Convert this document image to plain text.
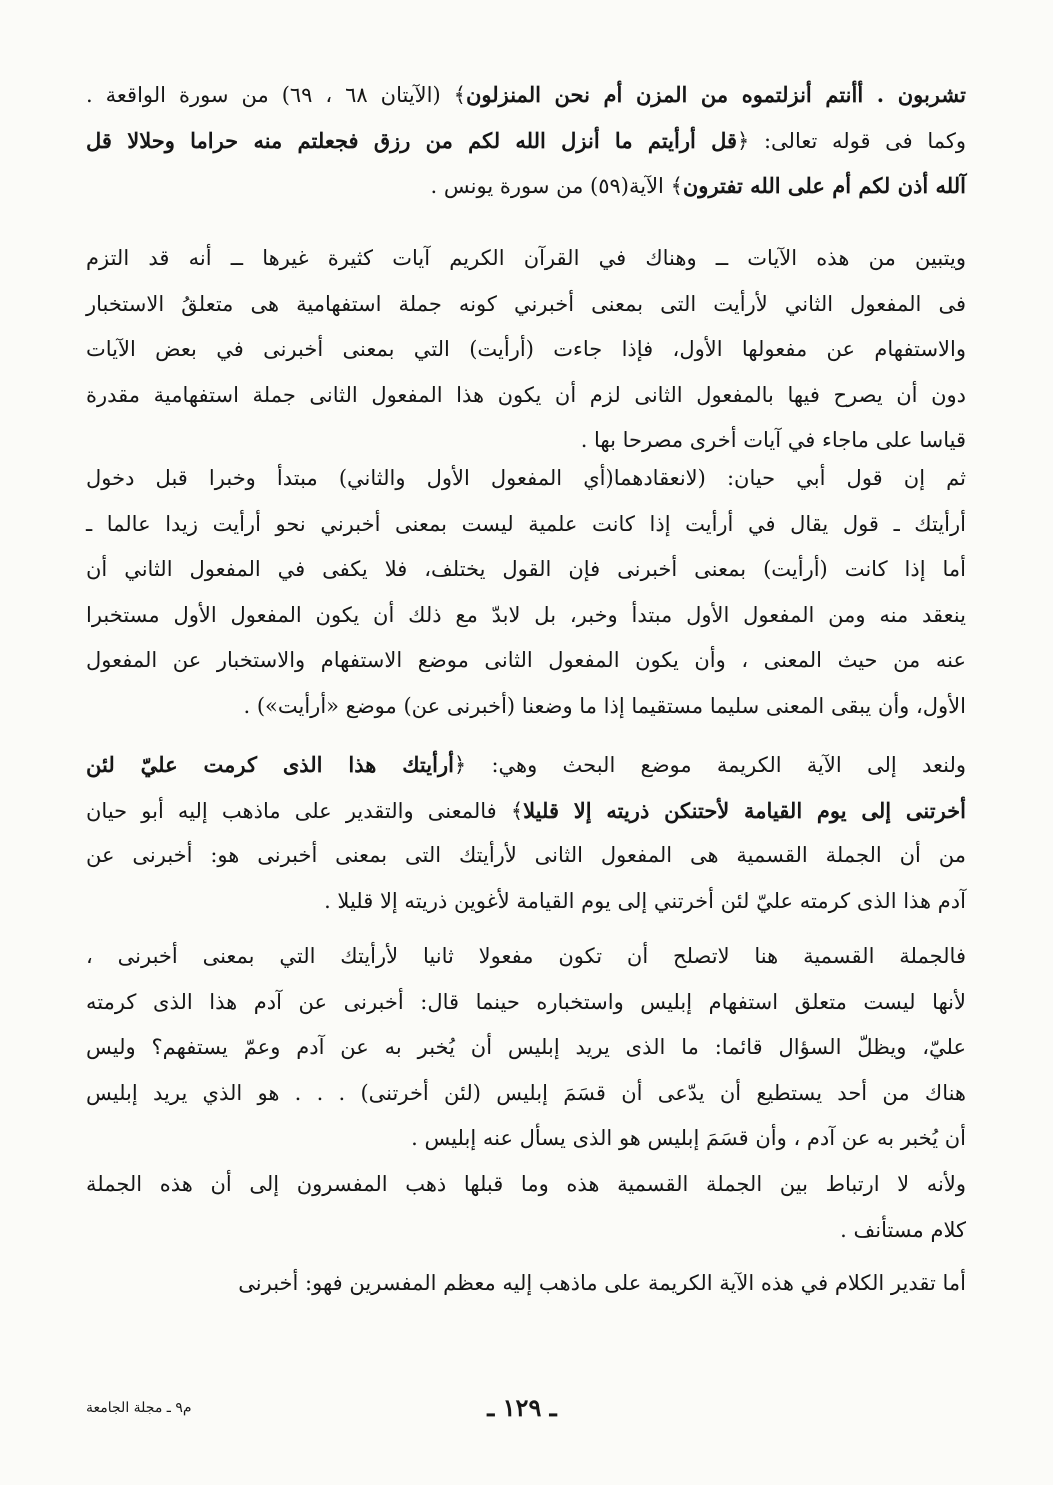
تشربون . أأنتم أنزلتموه من المزن أم نحن المنزلون﴾ (الآيتان ٦٨ ، ٦٩) من سورة الواقعة .
وكما فى قوله تعالى: ﴿قل أرأيتم ما أنزل الله لكم من رزق فجعلتم منه حراما وحلالا قل
آلله أذن لكم أم على الله تفترون﴾ الآية(٥٩) من سورة يونس .
ويتبين من هذه الآيات ــ وهناك في القرآن الكريم آيات كثيرة غيرها ــ أنه قد التزم
فى المفعول الثاني لأرأيت التى بمعنى أخبرني كونه جملة استفهامية هى متعلقُ الاستخبار
والاستفهام عن مفعولها الأول، فإذا جاءت (أرأيت) التي بمعنى أخبرنى في بعض الآيات
دون أن يصرح فيها بالمفعول الثانى لزم أن يكون هذا المفعول الثانى جملة استفهامية مقدرة
قياسا على ماجاء في آيات أخرى مصرحا بها .
ثم إن قول أبي حيان: (لانعقادهما(أي المفعول الأول والثاني) مبتدأ وخبرا قبل دخول
أرأيتك ـ قول يقال في أرأيت إذا كانت علمية ليست بمعنى أخبرني نحو أرأيت زيدا عالما ـ
أما إذا كانت (أرأيت) بمعنى أخبرنى فإن القول يختلف، فلا يكفى في المفعول الثاني أن
ينعقد منه ومن المفعول الأول مبتدأ وخبر، بل لابدّ مع ذلك أن يكون المفعول الأول مستخبرا
عنه من حيث المعنى ، وأن يكون المفعول الثانى موضع الاستفهام والاستخبار عن المفعول
الأول، وأن يبقى المعنى سليما مستقيما إذا ما وضعنا (أخبرنى عن) موضع «أرأيت») .
ولنعد إلى الآية الكريمة موضع البحث وهي: ﴿أرأيتك هذا الذى كرمت عليّ لئن
أخرتنى إلى يوم القيامة لأحتنكن ذريته إلا قليلا﴾ فالمعنى والتقدير على ماذهب إليه أبو حيان
من أن الجملة القسمية هى المفعول الثانى لأرأيتك التى بمعنى أخبرنى هو: أخبرنى عن
آدم هذا الذى كرمته عليّ لئن أخرتني إلى يوم القيامة لأغوين ذريته إلا قليلا .
فالجملة القسمية هنا لاتصلح أن تكون مفعولا ثانيا لأرأيتك التي بمعنى أخبرنى ،
لأنها ليست متعلق استفهام إبليس واستخباره حينما قال: أخبرنى عن آدم هذا الذى كرمته
عليّ، ويظلّ السؤال قائما: ما الذى يريد إبليس أن يُخبر به عن آدم وعمّ يستفهم؟ وليس
هناك من أحد يستطيع أن يدّعى أن قسَمَ إبليس (لئن أخرتنى) . . . هو الذي يريد إبليس
أن يُخبر به عن آدم ، وأن قسَمَ إبليس هو الذى يسأل عنه إبليس .
ولأنه لا ارتباط بين الجملة القسمية هذه وما قبلها ذهب المفسرون إلى أن هذه الجملة
كلام مستأنف .
أما تقدير الكلام في هذه الآية الكريمة على ماذهب إليه معظم المفسرين فهو: أخبرنى
ـ ١٢٩ ـ
م٩ ـ مجلة الجامعة
